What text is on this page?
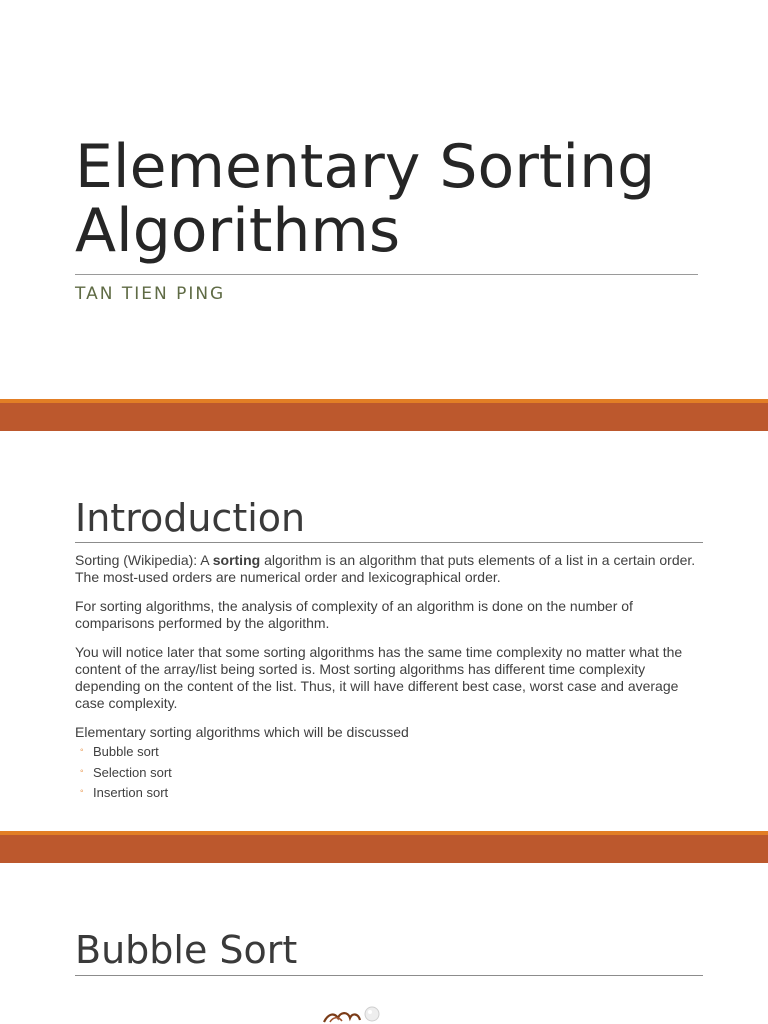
Elementary Sorting
Algorithms

TAN TIEN PING

Introduction

Sorting (Wikipedia): A sorting algorithm is an algorithm that puts elements of a list in a certain order. The most-used orders are numerical order and lexicographical order.

For sorting algorithms, the analysis of complexity of an algorithm is done on the number of comparisons performed by the algorithm.

You will notice later that some sorting algorithms has the same time complexity no matter what the content of the array/list being sorted is. Most sorting algorithms has different time complexity depending on the content of the list. Thus, it will have different best case, worst case and average case complexity.

Elementary sorting algorithms which will be discussed

◦ Bubble sort
◦ Selection sort
◦ Insertion sort
Bubble Sort
